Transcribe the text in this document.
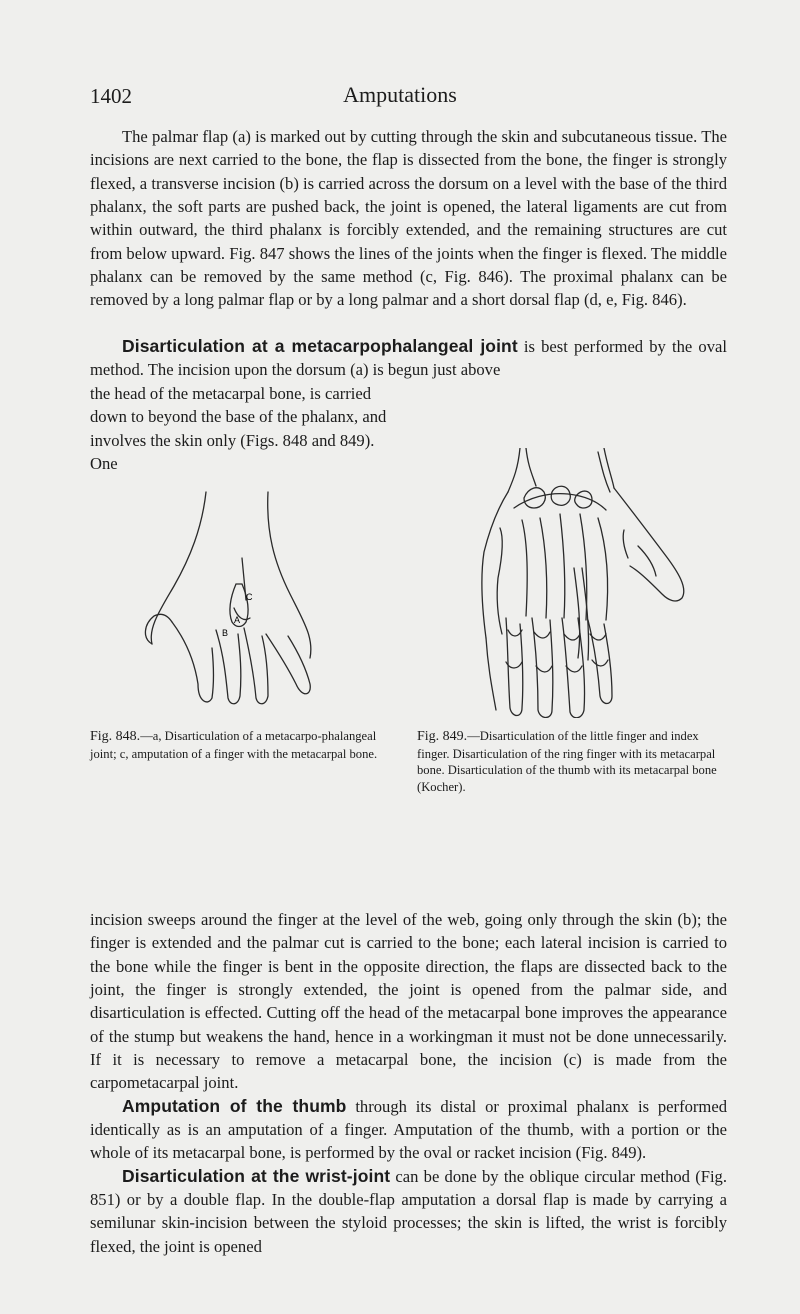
1402	Amputations

The palmar flap (a) is marked out by cutting through the skin and subcutaneous tissue. The incisions are next carried to the bone, the flap is dissected from the bone, the finger is strongly flexed, a transverse incision (b) is carried across the dorsum on a level with the base of the third phalanx, the soft parts are pushed back, the joint is opened, the lateral ligaments are cut from within outward, the third phalanx is forcibly extended, and the remaining structures are cut from below upward. Fig. 847 shows the lines of the joints when the finger is flexed. The middle phalanx can be removed by the same method (c, Fig. 846). The proximal phalanx can be removed by a long palmar flap or by a long palmar and a short dorsal flap (d, e, Fig. 846).

Disarticulation at a metacarpophalangeal joint is best performed by the oval method. The incision upon the dorsum (a) is begun just above

the head of the metacarpal bone, is carried down to beyond the base of the phalanx, and involves the skin only (Figs. 848 and 849). One

C
A
B

Fig. 848.—a, Disarticulation of a metacarpo-phalangeal joint; c, amputation of a finger with the metacarpal bone.

Fig. 849.—Disarticulation of the little finger and index finger. Disarticulation of the ring finger with its metacarpal bone. Disarticulation of the thumb with its metacarpal bone (Kocher).

incision sweeps around the finger at the level of the web, going only through the skin (b); the finger is extended and the palmar cut is carried to the bone; each lateral incision is carried to the bone while the finger is bent in the opposite direction, the flaps are dissected back to the joint, the finger is strongly extended, the joint is opened from the palmar side, and disarticulation is effected. Cutting off the head of the metacarpal bone improves the appearance of the stump but weakens the hand, hence in a workingman it must not be done unnecessarily. If it is necessary to remove a metacarpal bone, the incision (c) is made from the carpometacarpal joint.
Amputation of the thumb through its distal or proximal phalanx is performed identically as is an amputation of a finger. Amputation of the thumb, with a portion or the whole of its metacarpal bone, is performed by the oval or racket incision (Fig. 849).
Disarticulation at the wrist-joint can be done by the oblique circular method (Fig. 851) or by a double flap. In the double-flap amputation a dorsal flap is made by carrying a semilunar skin-incision between the styloid processes; the skin is lifted, the wrist is forcibly flexed, the joint is opened
